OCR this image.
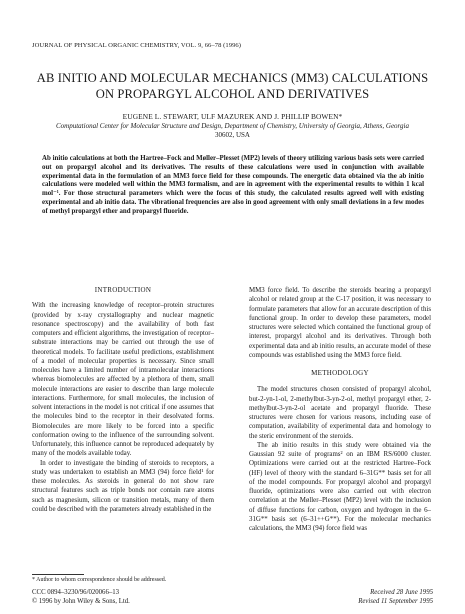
JOURNAL OF PHYSICAL ORGANIC CHEMISTRY, VOL. 9, 66–78 (1996)
AB INITIO AND MOLECULAR MECHANICS (MM3) CALCULATIONS
ON PROPARGYL ALCOHOL AND DERIVATIVES
EUGENE L. STEWART, ULF MAZUREK AND J. PHILLIP BOWEN*
Computational Center for Molecular Structure and Design, Department of Chemistry, University of Georgia, Athens, Georgia
30602, USA
Ab initio calculations at both the Hartree–Fock and Møller–Plesset (MP2) levels of theory utilizing various basis sets were carried out on propargyl alcohol and its derivatives. The results of these calculations were used in conjunction with available experimental data in the formulation of an MM3 force field for these compounds. The energetic data obtained via the ab initio calculations were modeled well within the MM3 formalism, and are in agreement with the experimental results to within 1 kcal mol⁻¹. For those structural parameters which were the focus of this study, the calculated results agreed well with existing experimental and ab initio data. The vibrational frequencies are also in good agreement with only small deviations in a few modes of methyl propargyl ether and propargyl fluoride.
INTRODUCTION

With the increasing knowledge of receptor–protein structures (provided by x-ray crystallography and nuclear magnetic resonance spectroscopy) and the availability of both fast computers and efficient algorithms, the investigation of receptor–substrate interactions may be carried out through the use of theoretical models. To facilitate useful predictions, establishment of a model of molecular properties is necessary. Since small molecules have a limited number of intramolecular interactions whereas biomolecules are affected by a plethora of them, small molecule interactions are easier to describe than large molecule interactions. Furthermore, for small molecules, the inclusion of solvent interactions in the model is not critical if one assumes that the molecules bind to the receptor in their desolvated forms. Biomolecules are more likely to be forced into a specific conformation owing to the influence of the surrounding solvent. Unfortunately, this influence cannot be reproduced adequately by many of the models available today.

In order to investigate the binding of steroids to receptors, a study was undertaken to establish an MM3 (94) force field¹ for these molecules. As steroids in general do not show rare structural features such as triple bonds nor contain rare atoms such as magnesium, silicon or transition metals, many of them could be described with the parameters already established in the

MM3 force field. To describe the steroids bearing a propargyl alcohol or related group at the C-17 position, it was necessary to formulate parameters that allow for an accurate description of this functional group. In order to develop these parameters, model structures were selected which contained the functional group of interest, propargyl alcohol and its derivatives. Through both experimental data and ab initio results, an accurate model of these compounds was established using the MM3 force field.

METHODOLOGY

The model structures chosen consisted of propargyl alcohol, but-2-yn-1-ol, 2-methylbut-3-yn-2-ol, methyl propargyl ether, 2-methylbut-3-yn-2-ol acetate and propargyl fluoride. These structures were chosen for various reasons, including ease of computation, availability of experimental data and homology to the steric environment of the steroids.

The ab initio results in this study were obtained via the Gaussian 92 suite of programs² on an IBM RS/6000 cluster. Optimizations were carried out at the restricted Hartree–Fock (HF) level of theory with the standard 6–31G** basis set for all of the model compounds. For propargyl alcohol and propargyl fluoride, optimizations were also carried out with electron correlation at the Møller–Plesset (MP2) level with the inclusion of diffuse functions for carbon, oxygen and hydrogen in the 6–31G** basis set (6–31++G**). For the molecular mechanics calculations, the MM3 (94) force field was

* Author to whom correspondence should be addressed.
CCC 0894–3230/96/020066–13
© 1996 by John Wiley & Sons, Ltd.
Received 28 June 1995
Revised 11 September 1995
